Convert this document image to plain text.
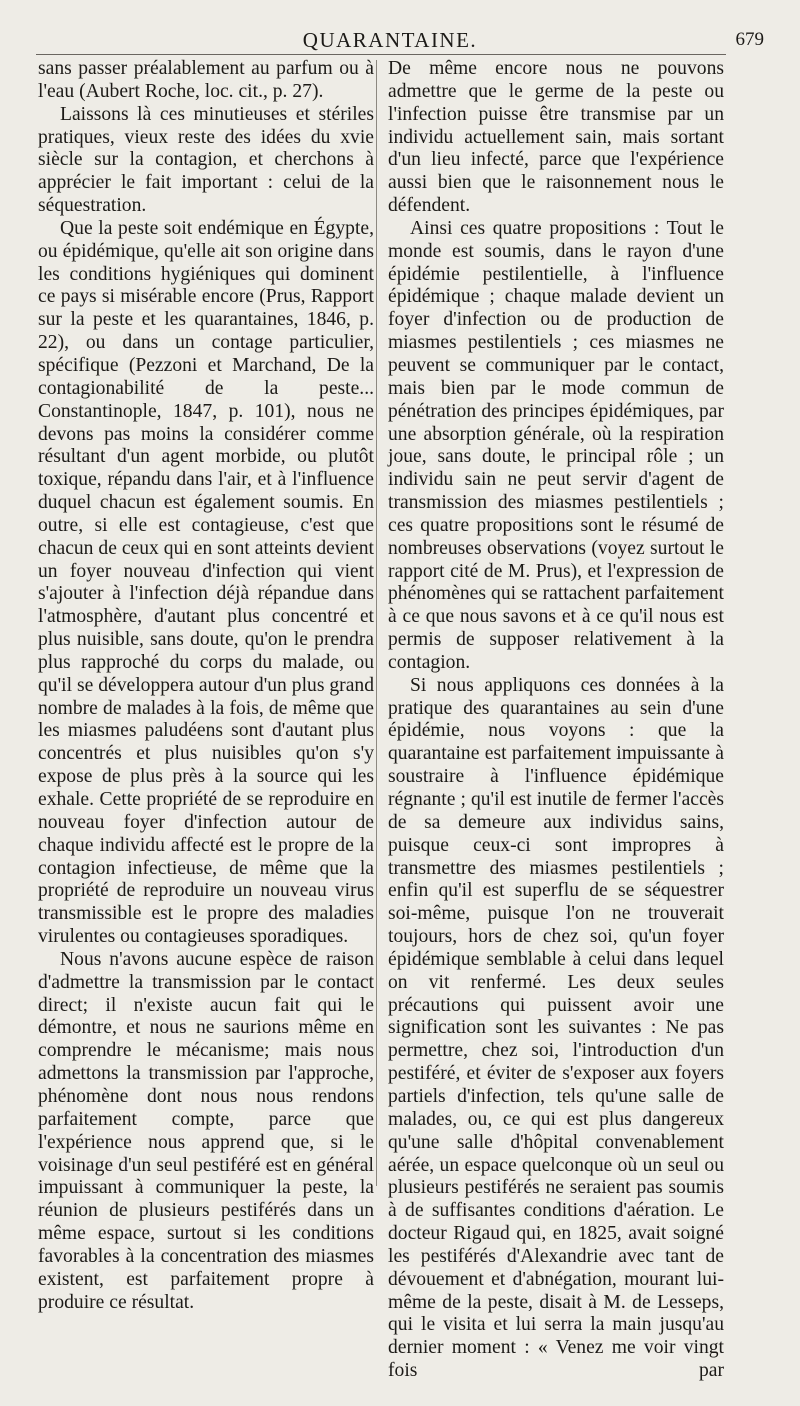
QUARANTAINE.	679

sans passer préalablement au parfum ou à l'eau (Aubert Roche, loc. cit., p. 27).

Laissons là ces minutieuses et stériles pratiques, vieux reste des idées du xvie siècle sur la contagion, et cherchons à apprécier le fait important : celui de la séquestration.

Que la peste soit endémique en Égypte, ou épidémique, qu'elle ait son origine dans les conditions hygiéniques qui dominent ce pays si misérable encore (Prus, Rapport sur la peste et les quarantaines, 1846, p. 22), ou dans un contage particulier, spécifique (Pezzoni et Marchand, De la contagionabilité de la peste... Constantinople, 1847, p. 101), nous ne devons pas moins la considérer comme résultant d'un agent morbide, ou plutôt toxique, répandu dans l'air, et à l'influence duquel chacun est également soumis. En outre, si elle est contagieuse, c'est que chacun de ceux qui en sont atteints devient un foyer nouveau d'infection qui vient s'ajouter à l'infection déjà répandue dans l'atmosphère, d'autant plus concentré et plus nuisible, sans doute, qu'on le prendra plus rapproché du corps du malade, ou qu'il se développera autour d'un plus grand nombre de malades à la fois, de même que les miasmes paludéens sont d'autant plus concentrés et plus nuisibles qu'on s'y expose de plus près à la source qui les exhale. Cette propriété de se reproduire en nouveau foyer d'infection autour de chaque individu affecté est le propre de la contagion infectieuse, de même que la propriété de reproduire un nouveau virus transmissible est le propre des maladies virulentes ou contagieuses sporadiques.

Nous n'avons aucune espèce de raison d'admettre la transmission par le contact direct; il n'existe aucun fait qui le démontre, et nous ne saurions même en comprendre le mécanisme; mais nous admettons la transmission par l'approche, phénomène dont nous nous rendons parfaitement compte, parce que l'expérience nous apprend que, si le voisinage d'un seul pestiféré est en général impuissant à communiquer la peste, la réunion de plusieurs pestiférés dans un même espace, surtout si les conditions favorables à la concentration des miasmes existent, est parfaitement propre à produire ce résultat.

De même encore nous ne pouvons admettre que le germe de la peste ou l'infection puisse être transmise par un individu actuellement sain, mais sortant d'un lieu infecté, parce que l'expérience aussi bien que le raisonnement nous le défendent.

Ainsi ces quatre propositions : Tout le monde est soumis, dans le rayon d'une épidémie pestilentielle, à l'influence épidémique ; chaque malade devient un foyer d'infection ou de production de miasmes pestilentiels ; ces miasmes ne peuvent se communiquer par le contact, mais bien par le mode commun de pénétration des principes épidémiques, par une absorption générale, où la respiration joue, sans doute, le principal rôle ; un individu sain ne peut servir d'agent de transmission des miasmes pestilentiels ; ces quatre propositions sont le résumé de nombreuses observations (voyez surtout le rapport cité de M. Prus), et l'expression de phénomènes qui se rattachent parfaitement à ce que nous savons et à ce qu'il nous est permis de supposer relativement à la contagion.

Si nous appliquons ces données à la pratique des quarantaines au sein d'une épidémie, nous voyons : que la quarantaine est parfaitement impuissante à soustraire à l'influence épidémique régnante ; qu'il est inutile de fermer l'accès de sa demeure aux individus sains, puisque ceux-ci sont impropres à transmettre des miasmes pestilentiels ; enfin qu'il est superflu de se séquestrer soi-même, puisque l'on ne trouverait toujours, hors de chez soi, qu'un foyer épidémique semblable à celui dans lequel on vit renfermé. Les deux seules précautions qui puissent avoir une signification sont les suivantes : Ne pas permettre, chez soi, l'introduction d'un pestiféré, et éviter de s'exposer aux foyers partiels d'infection, tels qu'une salle de malades, ou, ce qui est plus dangereux qu'une salle d'hôpital convenablement aérée, un espace quelconque où un seul ou plusieurs pestiférés ne seraient pas soumis à de suffisantes conditions d'aération. Le docteur Rigaud qui, en 1825, avait soigné les pestiférés d'Alexandrie avec tant de dévouement et d'abnégation, mourant lui-même de la peste, disait à M. de Lesseps, qui le visita et lui serra la main jusqu'au dernier moment : « Venez me voir vingt fois par
